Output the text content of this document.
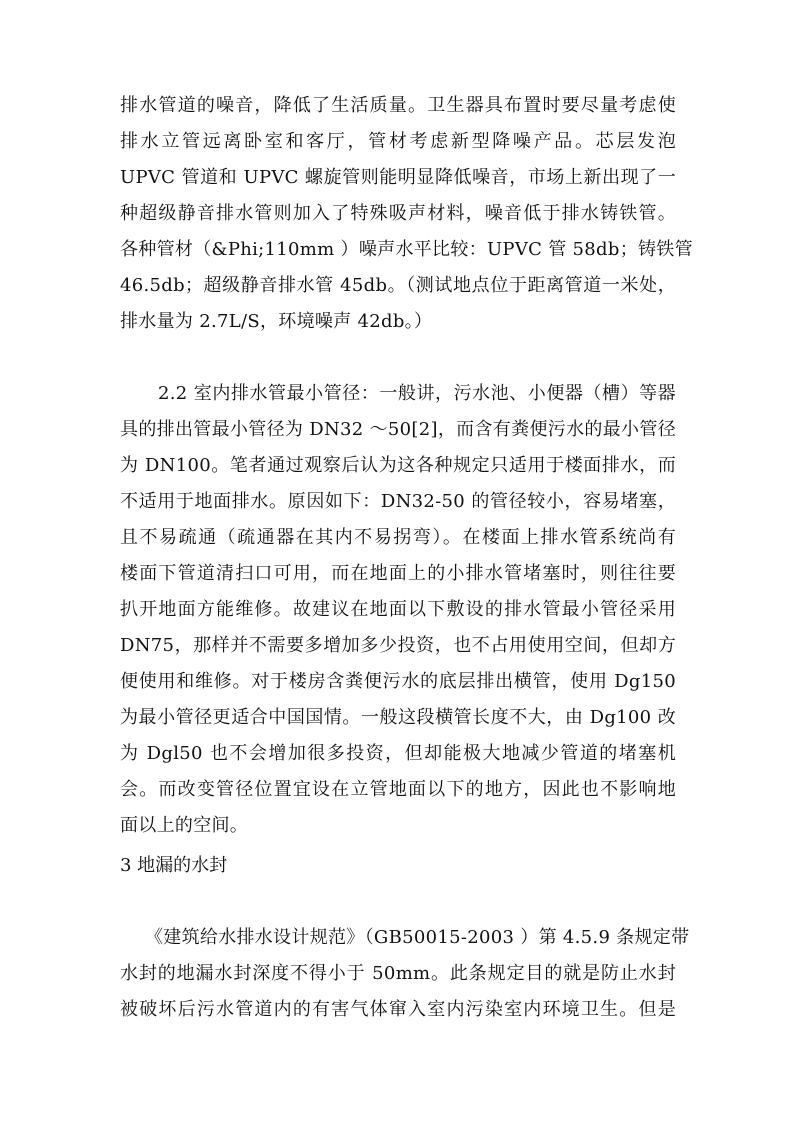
排水管道的噪音，降低了生活质量。卫生器具布置时要尽量考虑使
排水立管远离卧室和客厅，管材考虑新型降噪产品。芯层发泡
UPVC 管道和 UPVC 螺旋管则能明显降低噪音，市场上新出现了一
种超级静音排水管则加入了特殊吸声材料，噪音低于排水铸铁管。
各种管材（&Phi;110mm ）噪声水平比较：UPVC 管 58db；铸铁管
46.5db；超级静音排水管 45db。（测试地点位于距离管道一米处，
排水量为 2.7L/S，环境噪声 42db。）
2.2 室内排水管最小管径：一般讲，污水池、小便器（槽）等器
具的排出管最小管径为 DN32 ～50[2]，而含有粪便污水的最小管径
为 DN100。笔者通过观察后认为这各种规定只适用于楼面排水，而
不适用于地面排水。原因如下：DN32-50 的管径较小，容易堵塞，
且不易疏通（疏通器在其内不易拐弯）。在楼面上排水管系统尚有
楼面下管道清扫口可用，而在地面上的小排水管堵塞时，则往往要
扒开地面方能维修。故建议在地面以下敷设的排水管最小管径采用
DN75，那样并不需要多增加多少投资，也不占用使用空间，但却方
便使用和维修。对于楼房含粪便污水的底层排出横管，使用 Dg150
为最小管径更适合中国国情。一般这段横管长度不大，由 Dg100 改
为 Dgl50 也不会增加很多投资，但却能极大地减少管道的堵塞机
会。而改变管径位置宜设在立管地面以下的地方，因此也不影响地
面以上的空间。
3 地漏的水封
《建筑给水排水设计规范》（GB50015-2003 ）第 4.5.9 条规定带
水封的地漏水封深度不得小于 50mm。此条规定目的就是防止水封
被破坏后污水管道内的有害气体窜入室内污染室内环境卫生。但是
